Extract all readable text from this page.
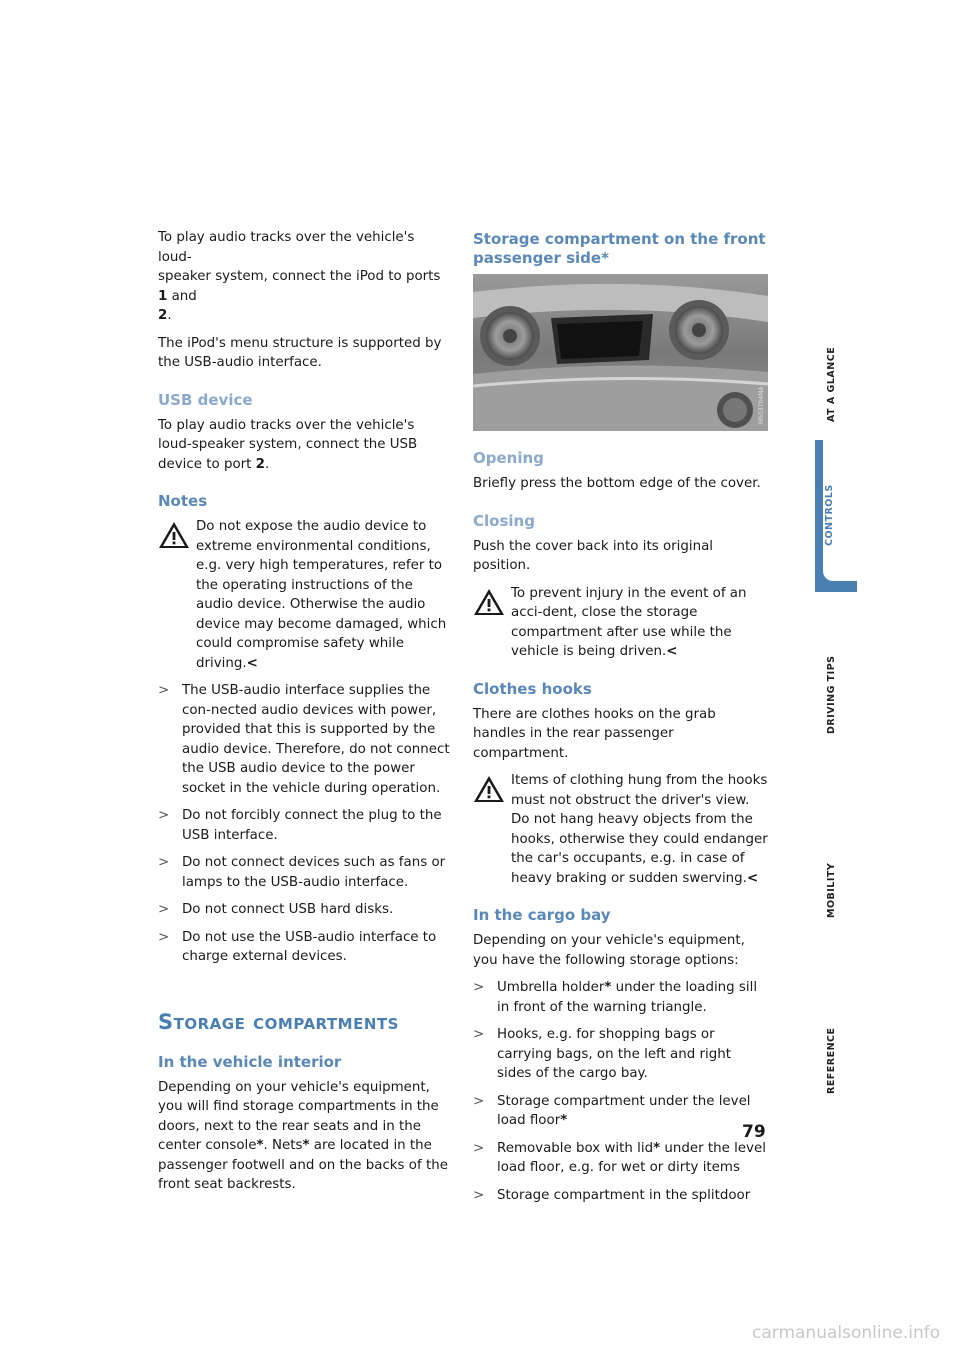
To play audio tracks over the vehicle's loud-
speaker system, connect the iPod to ports 1 and
2.

The iPod's menu structure is supported by the USB-audio interface.

USB device

To play audio tracks over the vehicle's loud-speaker system, connect the USB device to port 2.

Notes
Do not expose the audio device to extreme environmental conditions, e.g. very high temperatures, refer to the operating instructions of the audio device. Otherwise the audio device may become damaged, which could compromise safety while driving.<
> The USB-audio interface supplies the con-nected audio devices with power, provided that this is supported by the audio device. Therefore, do not connect the USB audio device to the power socket in the vehicle during operation.
> Do not forcibly connect the plug to the USB interface.
> Do not connect devices such as fans or lamps to the USB-audio interface.
> Do not connect USB hard disks.
> Do not use the USB-audio interface to charge external devices.
Storage compartments
In the vehicle interior

Depending on your vehicle's equipment, you will find storage compartments in the doors, next to the rear seats and in the center console*. Nets* are located in the passenger footwell and on the backs of the front seat backrests.

Storage compartment on the front passenger side*
MS03704MA
Opening

Briefly press the bottom edge of the cover.

Closing

Push the cover back into its original position.

To prevent injury in the event of an acci-dent, close the storage compartment after use while the vehicle is being driven.<
Clothes hooks

There are clothes hooks on the grab handles in the rear passenger compartment.

Items of clothing hung from the hooks must not obstruct the driver's view. Do not hang heavy objects from the hooks, otherwise they could endanger the car's occupants, e.g. in case of heavy braking or sudden swerving.<
In the cargo bay

Depending on your vehicle's equipment, you have the following storage options:

> Umbrella holder* under the loading sill in front of the warning triangle.
> Hooks, e.g. for shopping bags or carrying bags, on the left and right sides of the cargo bay.
> Storage compartment under the level load floor*
> Removable box with lid* under the level load floor, e.g. for wet or dirty items
> Storage compartment in the splitdoor
AT A GLANCE
CONTROLS
DRIVING TIPS
MOBILITY
REFERENCE
79
carmanualsonline.info
